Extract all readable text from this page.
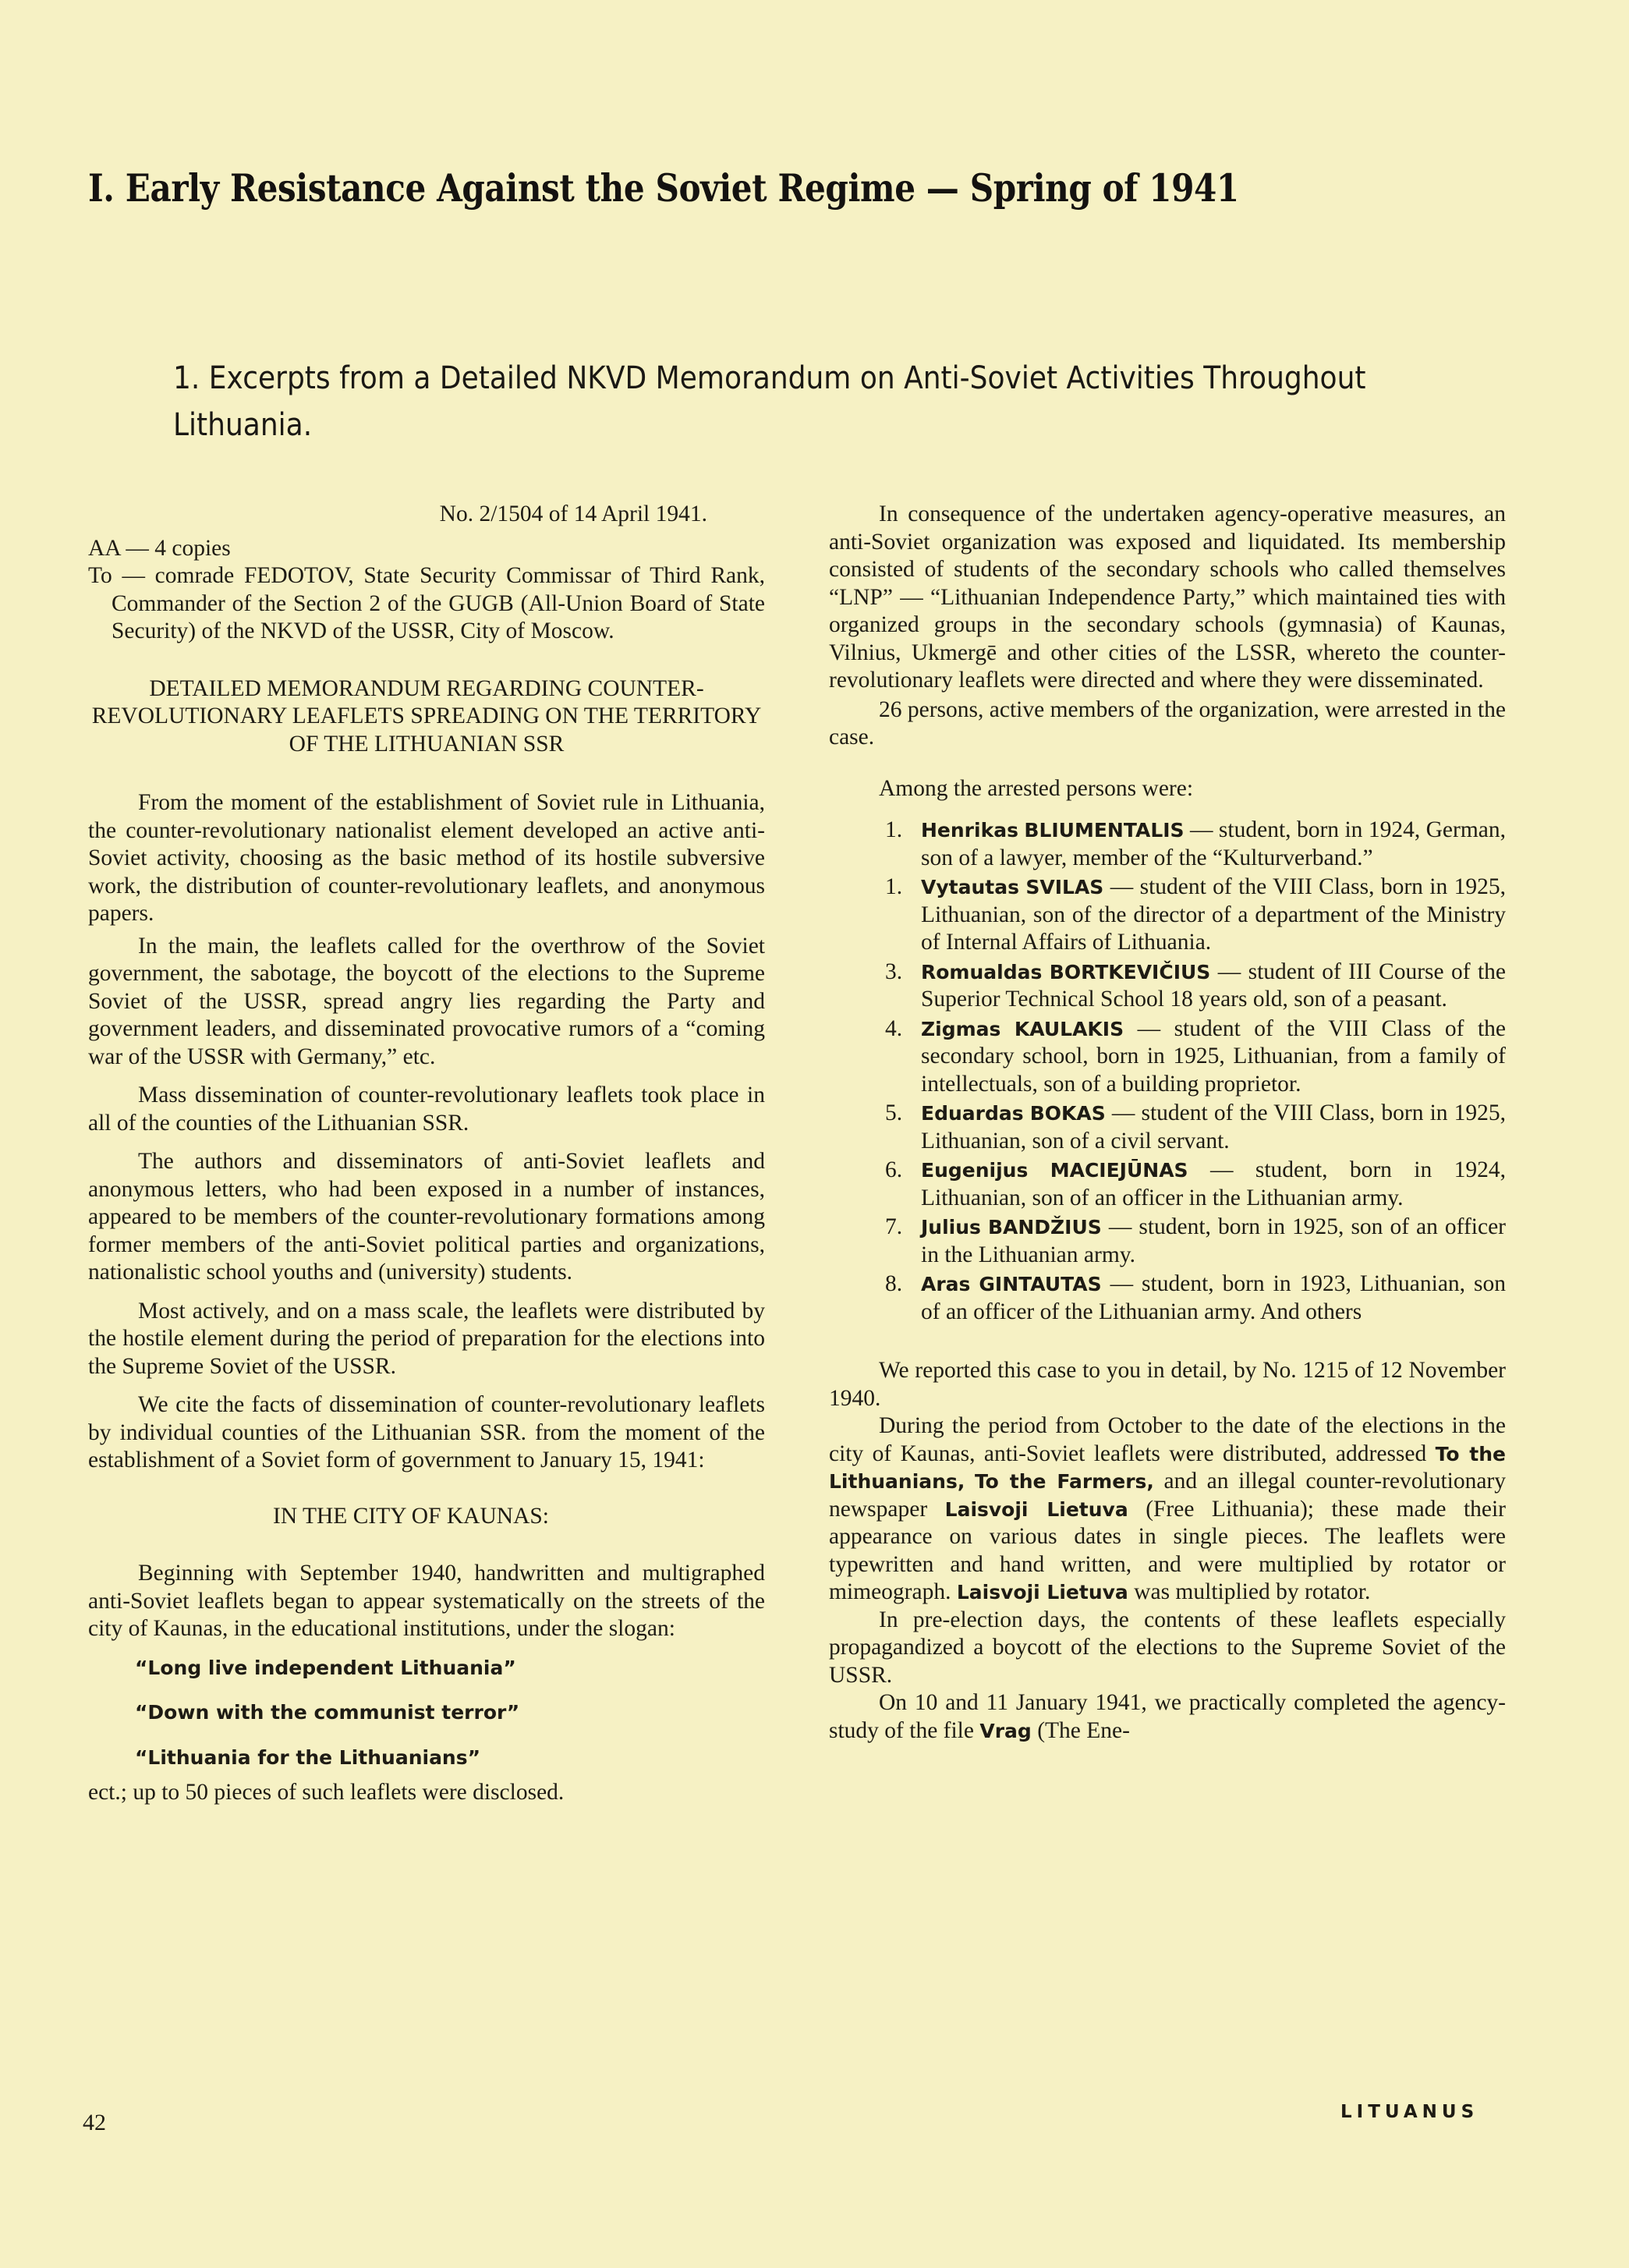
I. Early Resistance Against the Soviet Regime — Spring of 1941
1. Excerpts from a Detailed NKVD Memorandum on Anti-Soviet Activities Throughout Lithuania.

No. 2/1504 of 14 April 1941.

AA — 4 copies

To — comrade FEDOTOV, State Security Commissar of Third Rank, Commander of the Section 2 of the GUGB (All-Union Board of State Security) of the NKVD of the USSR, City of Moscow.

DETAILED MEMORANDUM REGARDING COUNTER-REVOLUTIONARY LEAFLETS SPREADING ON THE TERRITORY OF THE LITHUANIAN SSR

From the moment of the establishment of Soviet rule in Lithuania, the counter-revolutionary nationalist element developed an active anti-Soviet activity, choosing as the basic method of its hostile subversive work, the distribution of counter-revolutionary leaflets, and anonymous papers.

In the main, the leaflets called for the overthrow of the Soviet government, the sabotage, the boycott of the elections to the Supreme Soviet of the USSR, spread angry lies regarding the Party and government leaders, and disseminated provocative rumors of a “coming war of the USSR with Germany,” etc.

Mass dissemination of counter-revolutionary leaflets took place in all of the counties of the Lithuanian SSR.

The authors and disseminators of anti-Soviet leaflets and anonymous letters, who had been exposed in a number of instances, appeared to be members of the counter-revolutionary formations among former members of the anti-Soviet political parties and organizations, nationalistic school youths and (university) students.

Most actively, and on a mass scale, the leaflets were distributed by the hostile element during the period of preparation for the elections into the Supreme Soviet of the USSR.

We cite the facts of dissemination of counter-revolutionary leaflets by individual counties of the Lithuanian SSR. from the moment of the establishment of a Soviet form of government to January 15, 1941:

IN THE CITY OF KAUNAS:

Beginning with September 1940, handwritten and multigraphed anti-Soviet leaflets began to appear systematically on the streets of the city of Kaunas, in the educational institutions, under the slogan:

“Long live independent Lithuania”

“Down with the communist terror”

“Lithuania for the Lithuanians”

ect.; up to 50 pieces of such leaflets were disclosed.

In consequence of the undertaken agency-operative measures, an anti-Soviet organization was exposed and liquidated. Its membership consisted of students of the secondary schools who called themselves “LNP” — “Lithuanian Independence Party,” which maintained ties with organized groups in the secondary schools (gymnasia) of Kaunas, Vilnius, Ukmergē and other cities of the LSSR, whereto the counter-revolutionary leaflets were directed and where they were disseminated.

26 persons, active members of the organization, were arrested in the case.

Among the arrested persons were:

1. Henrikas BLIUMENTALIS — student, born in 1924, German, son of a lawyer, member of the “Kulturverband.”
1. Vytautas SVILAS — student of the VIII Class, born in 1925, Lithuanian, son of the director of a department of the Ministry of Internal Affairs of Lithuania.
3. Romualdas BORTKEVIČIUS — student of III Course of the Superior Technical School 18 years old, son of a peasant.
4. Zigmas KAULAKIS — student of the VIII Class of the secondary school, born in 1925, Lithuanian, from a family of intellectuals, son of a building proprietor.
5. Eduardas BOKAS — student of the VIII Class, born in 1925, Lithuanian, son of a civil servant.
6. Eugenijus MACIEJŪNAS — student, born in 1924, Lithuanian, son of an officer in the Lithuanian army.
7. Julius BANDŽIUS — student, born in 1925, son of an officer in the Lithuanian army.
8. Aras GINTAUTAS — student, born in 1923, Lithuanian, son of an officer of the Lithuanian army. And others

We reported this case to you in detail, by No. 1215 of 12 November 1940.

During the period from October to the date of the elections in the city of Kaunas, anti-Soviet leaflets were distributed, addressed To the Lithuanians, To the Farmers, and an illegal counter-revolutionary newspaper Laisvoji Lietuva (Free Lithuania); these made their appearance on various dates in single pieces. The leaflets were typewritten and hand written, and were multiplied by rotator or mimeograph. Laisvoji Lietuva was multiplied by rotator.

In pre-election days, the contents of these leaflets especially propagandized a boycott of the elections to the Supreme Soviet of the USSR.

On 10 and 11 January 1941, we practically completed the agency-study of the file Vrag (The Ene-

42	LITUANUS
